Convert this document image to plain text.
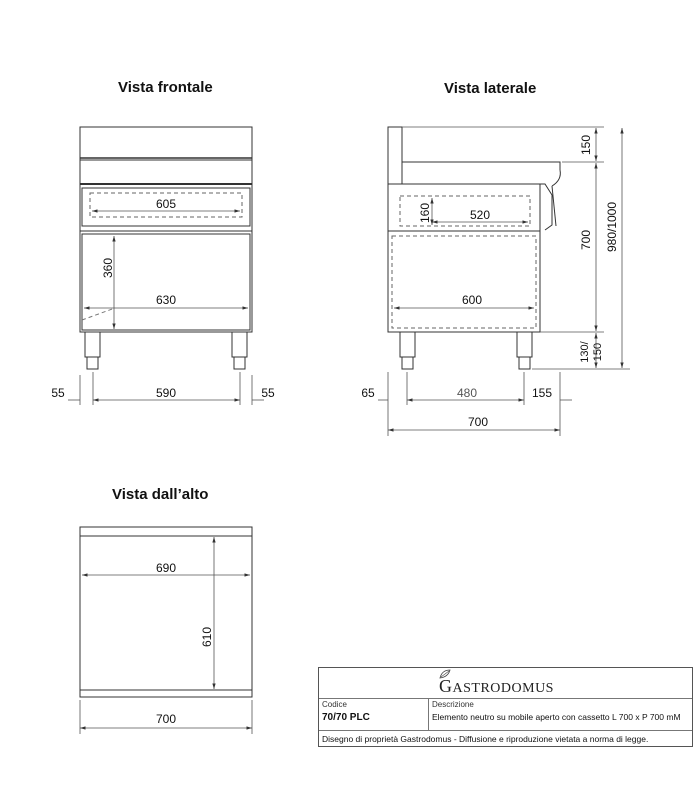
Vista frontale	Vista laterale
Vista dall’alto
605
360
630
55	590	55
160	520
600
65	480	155
700
150
700 980/1000
130/ 150
690
610
700
GASTRODOMUS
Codice
70/70 PLC
Descrizione
Elemento neutro su mobile aperto con cassetto L 700 x P 700 mM
Disegno di proprietà Gastrodomus - Diffusione e riproduzione vietata a norma di legge.
